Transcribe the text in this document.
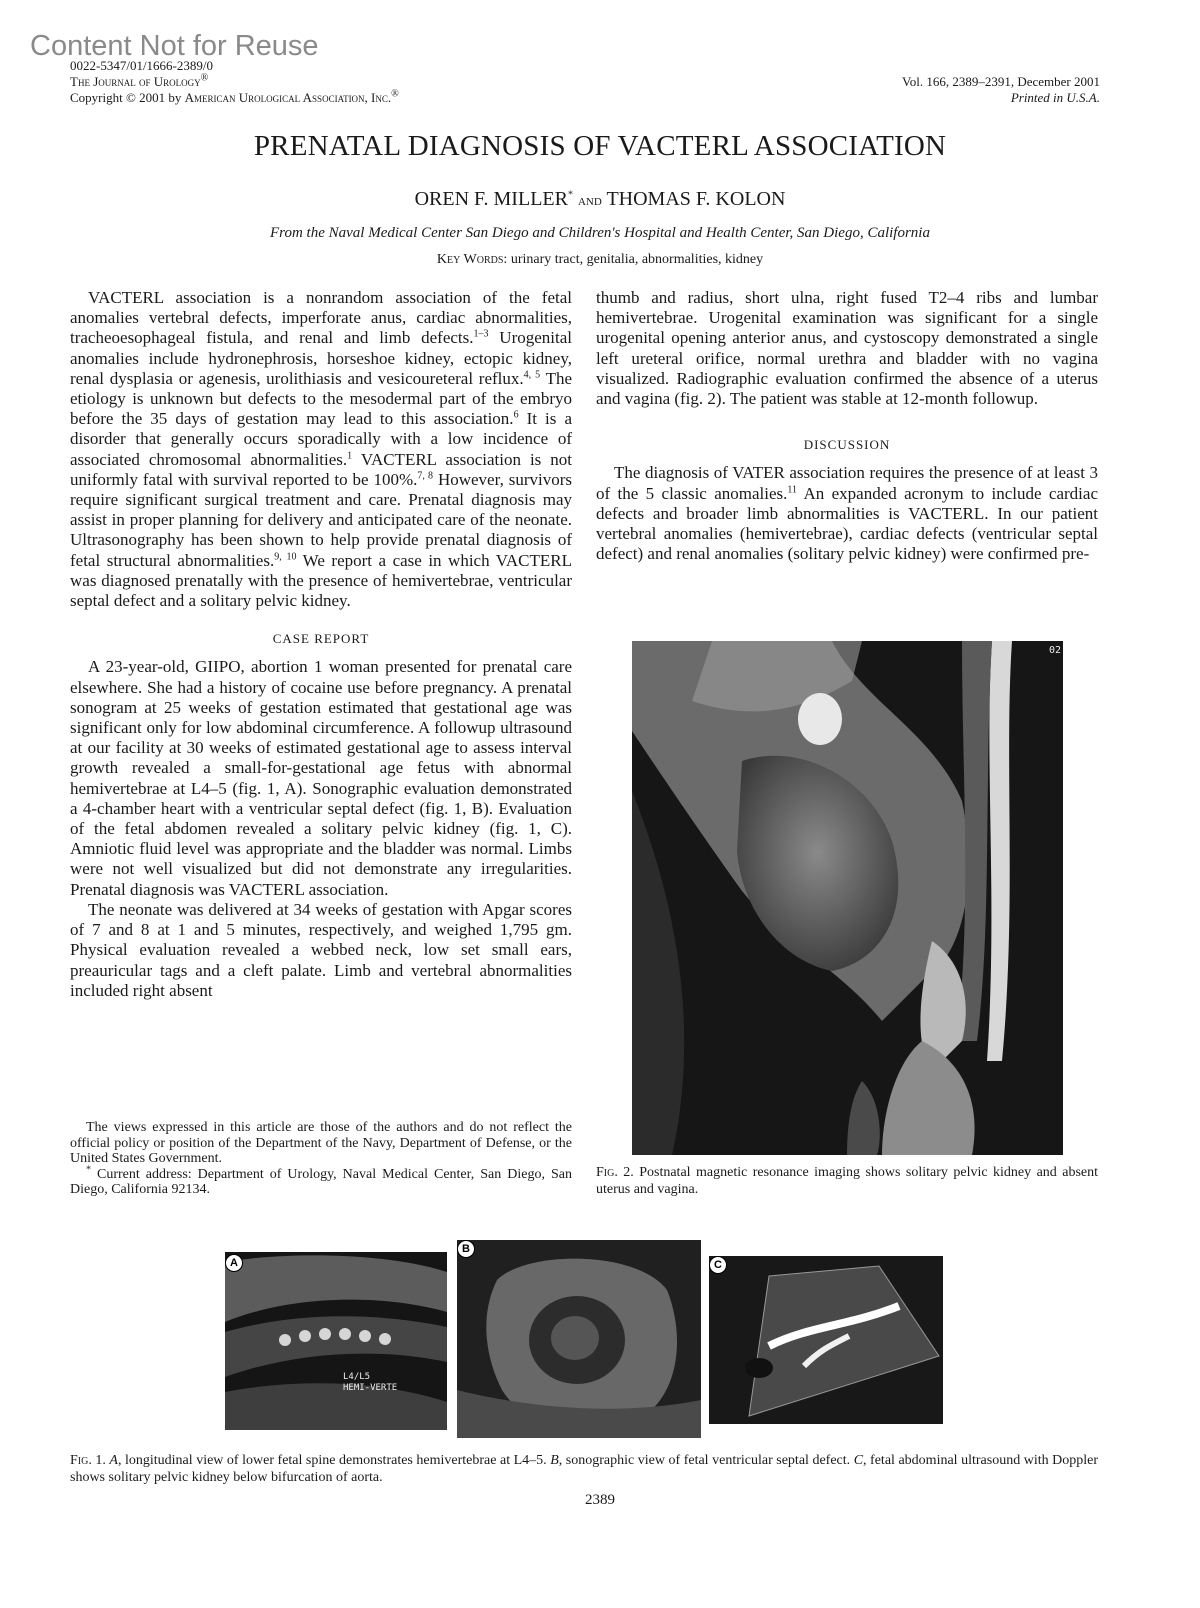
Content Not for Reuse
0022-5347/01/1666-2389/0
The Journal of Urology®
Copyright © 2001 by American Urological Association, Inc.®
Vol. 166, 2389–2391, December 2001
Printed in U.S.A.
PRENATAL DIAGNOSIS OF VACTERL ASSOCIATION
OREN F. MILLER* and THOMAS F. KOLON
From the Naval Medical Center San Diego and Children's Hospital and Health Center, San Diego, California
Key Words: urinary tract, genitalia, abnormalities, kidney

VACTERL association is a nonrandom association of the fetal anomalies vertebral defects, imperforate anus, cardiac abnormalities, tracheoesophageal fistula, and renal and limb defects.$^{1-3}$ Urogenital anomalies include hydronephrosis, horseshoe kidney, ectopic kidney, renal dysplasia or agenesis, urolithiasis and vesicoureteral reflux.$^{4, 5}$ The etiology is unknown but defects to the mesodermal part of the embryo before the 35 days of gestation may lead to this association.$^6$ It is a disorder that generally occurs sporadically with a low incidence of associated chromosomal abnormalities.$^1$ VACTERL association is not uniformly fatal with survival reported to be 100%.$^{7, 8}$ However, survivors require significant surgical treatment and care. Prenatal diagnosis may assist in proper planning for delivery and anticipated care of the neonate. Ultrasonography has been shown to help provide prenatal diagnosis of fetal structural abnormalities.$^{9, 10}$ We report a case in which VACTERL was diagnosed prenatally with the presence of hemivertebrae, ventricular septal defect and a solitary pelvic kidney.

CASE REPORT

A 23-year-old, GIIPO, abortion 1 woman presented for prenatal care elsewhere. She had a history of cocaine use before pregnancy. A prenatal sonogram at 25 weeks of gestation estimated that gestational age was significant only for low abdominal circumference. A followup ultrasound at our facility at 30 weeks of estimated gestational age to assess interval growth revealed a small-for-gestational age fetus with abnormal hemivertebrae at L4–5 (fig. 1, A). Sonographic evaluation demonstrated a 4-chamber heart with a ventricular septal defect (fig. 1, B). Evaluation of the fetal abdomen revealed a solitary pelvic kidney (fig. 1, C). Amniotic fluid level was appropriate and the bladder was normal. Limbs were not well visualized but did not demonstrate any irregularities. Prenatal diagnosis was VACTERL association.

The neonate was delivered at 34 weeks of gestation with Apgar scores of 7 and 8 at 1 and 5 minutes, respectively, and weighed 1,795 gm. Physical evaluation revealed a webbed neck, low set small ears, preauricular tags and a cleft palate. Limb and vertebral abnormalities included right absent

The views expressed in this article are those of the authors and do not reflect the official policy or position of the Department of the Navy, Department of Defense, or the United States Government.

* Current address: Department of Urology, Naval Medical Center, San Diego, San Diego, California 92134.

thumb and radius, short ulna, right fused T2–4 ribs and lumbar hemivertebrae. Urogenital examination was significant for a single urogenital opening anterior anus, and cystoscopy demonstrated a single left ureteral orifice, normal urethra and bladder with no vagina visualized. Radiographic evaluation confirmed the absence of a uterus and vagina (fig. 2). The patient was stable at 12-month followup.

DISCUSSION

The diagnosis of VATER association requires the presence of at least 3 of the 5 classic anomalies.$^{11}$ An expanded acronym to include cardiac defects and broader limb abnormalities is VACTERL. In our patient vertebral anomalies (hemivertebrae), cardiac defects (ventricular septal defect) and renal anomalies (solitary pelvic kidney) were confirmed pre-

02
Fig. 2. Postnatal magnetic resonance imaging shows solitary pelvic kidney and absent uterus and vagina.
L4/L5
HEMI-VERTE
A
B
C
Fig. 1. A, longitudinal view of lower fetal spine demonstrates hemivertebrae at L4–5. B, sonographic view of fetal ventricular septal defect. C, fetal abdominal ultrasound with Doppler shows solitary pelvic kidney below bifurcation of aorta.
2389
